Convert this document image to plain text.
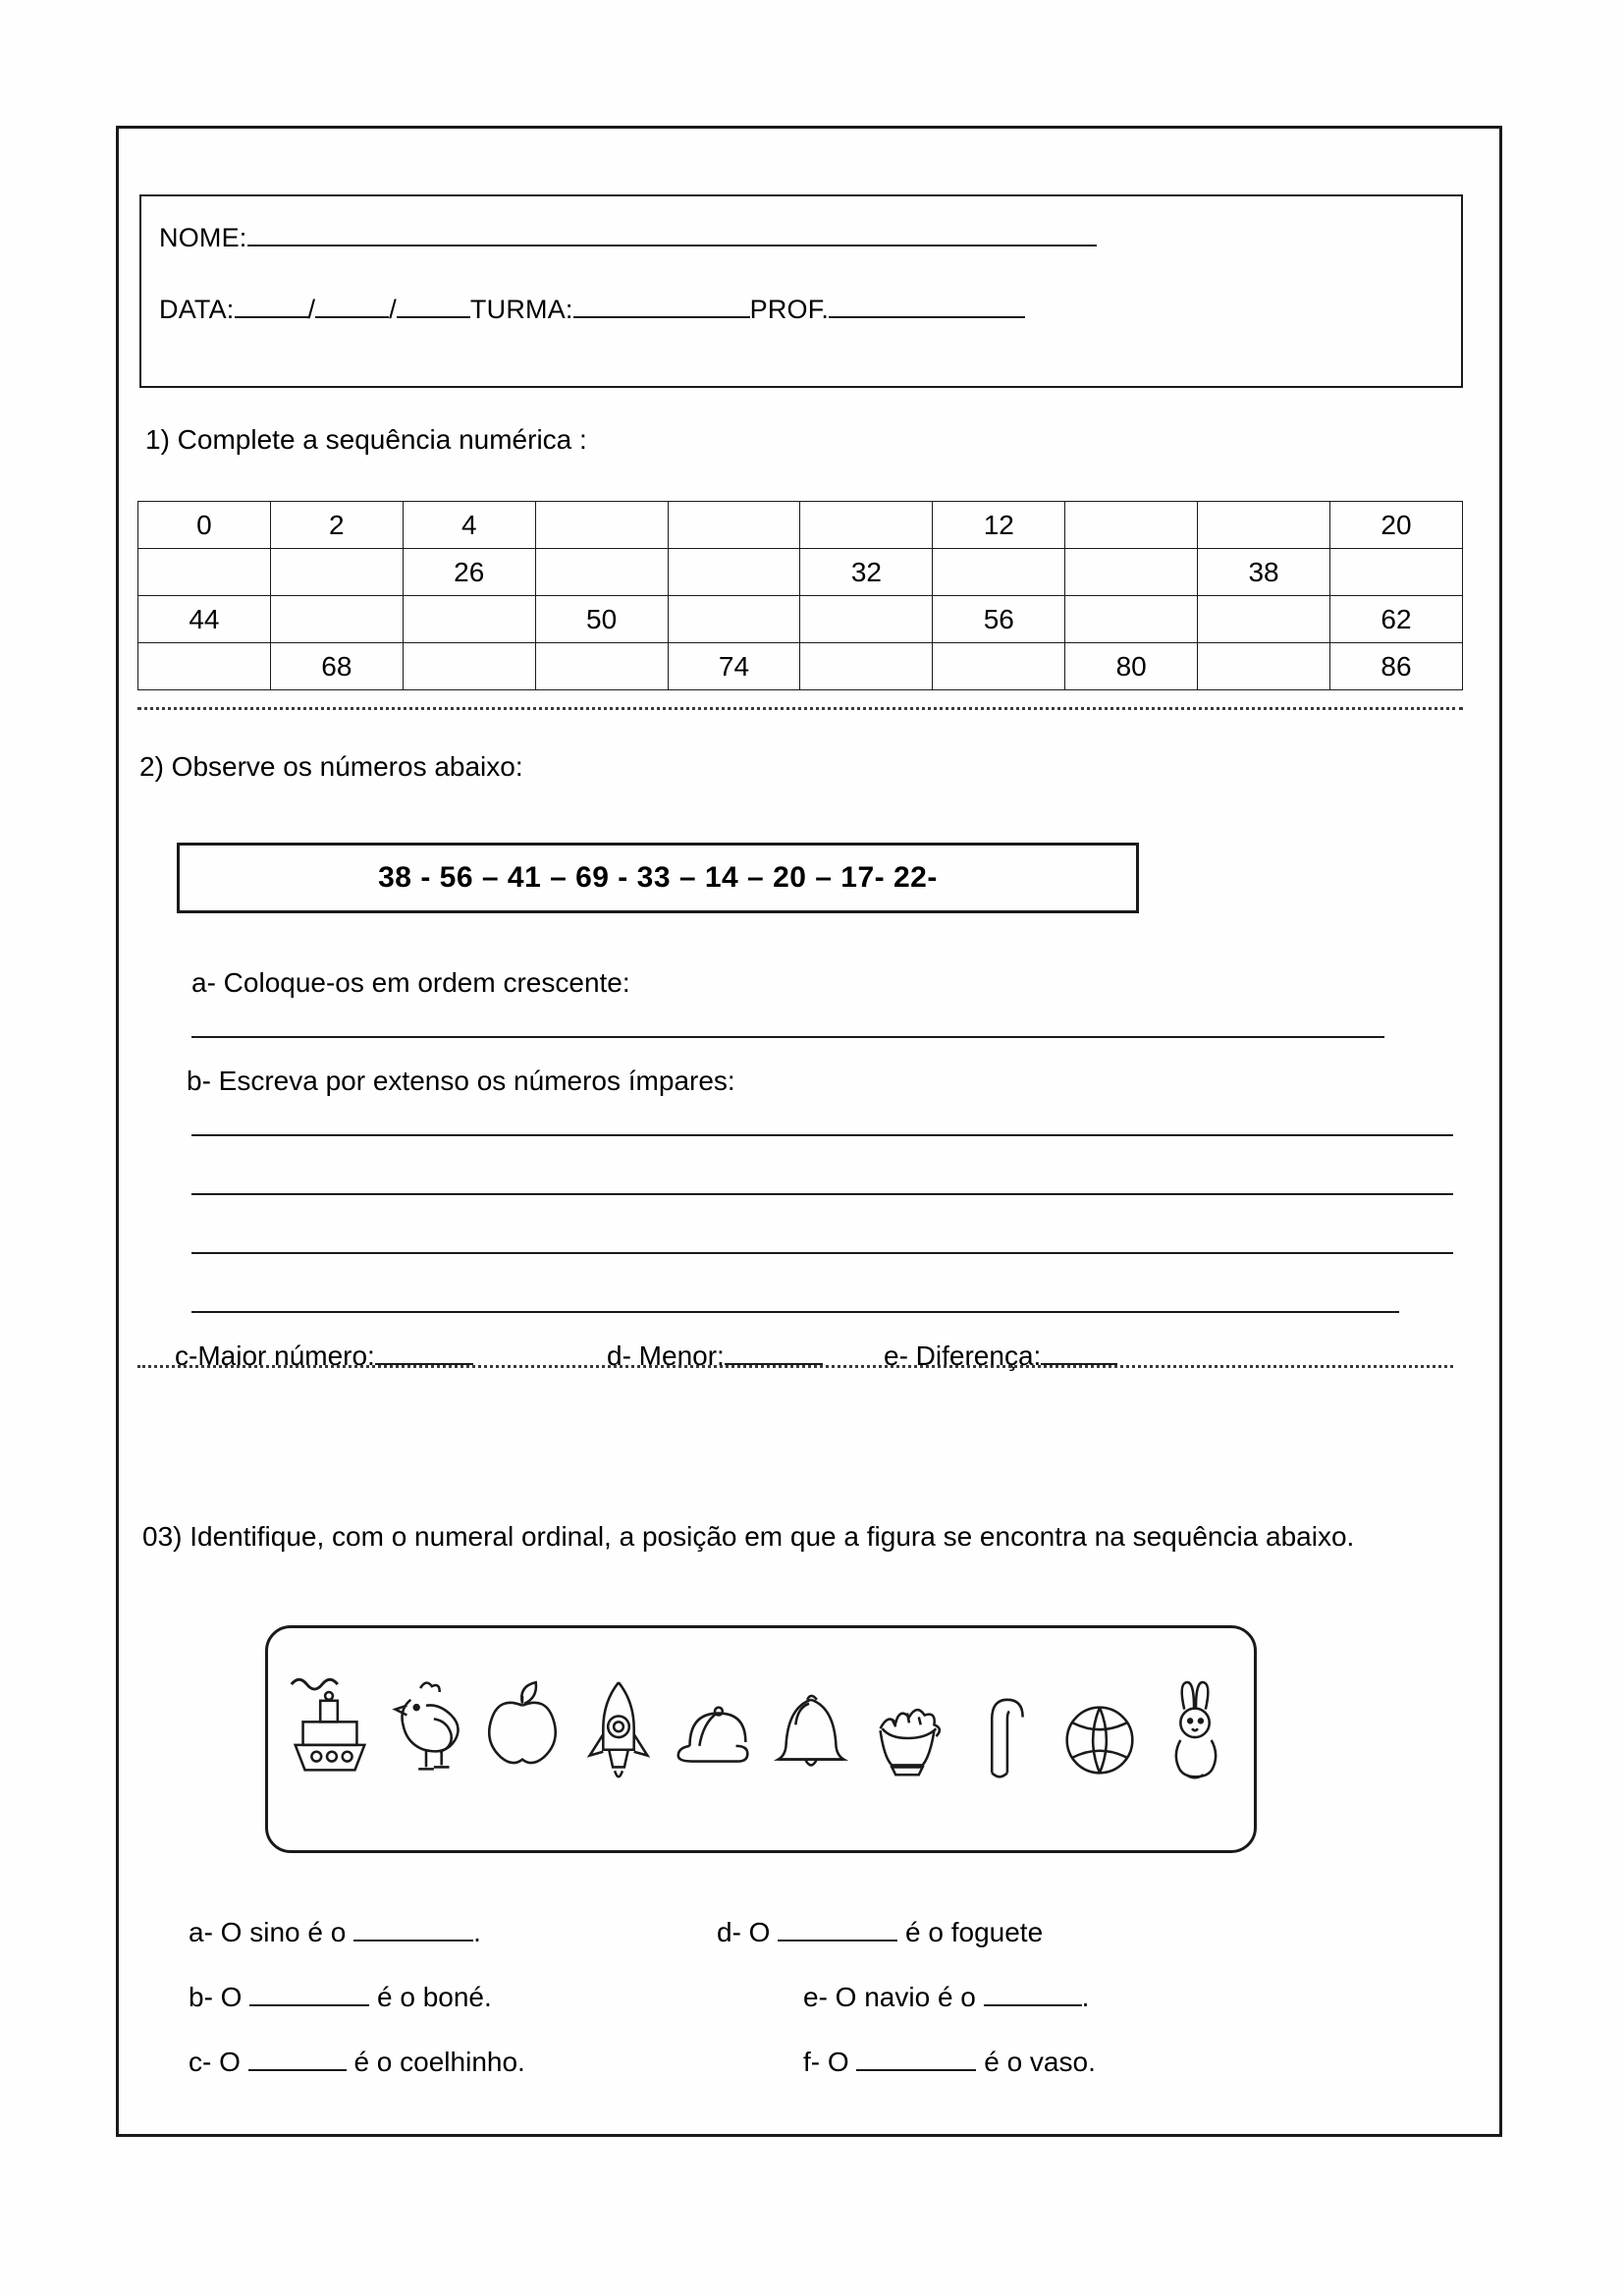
NOME:
DATA:	/	/	TURMA:	PROF.
1) Complete a sequência numérica :
0	2	4				12			20
		26			32			38	
44			50			56			62
	68			74			80		86
2) Observe os números abaixo:
38 - 56 – 41 – 69 - 33 – 14 – 20 – 17- 22-
a- Coloque-os em ordem crescente:
b- Escreva por extenso os números ímpares:
c-Maior número:	d- Menor:	e- Diferença:
03) Identifique, com o numeral ordinal, a posição em que a figura se encontra na sequência abaixo.
a- O sino é o	.
b- O	é o boné.
c- O	é o coelhinho.
d- O	é o foguete
e- O navio é o	.
f- O	é o vaso.
